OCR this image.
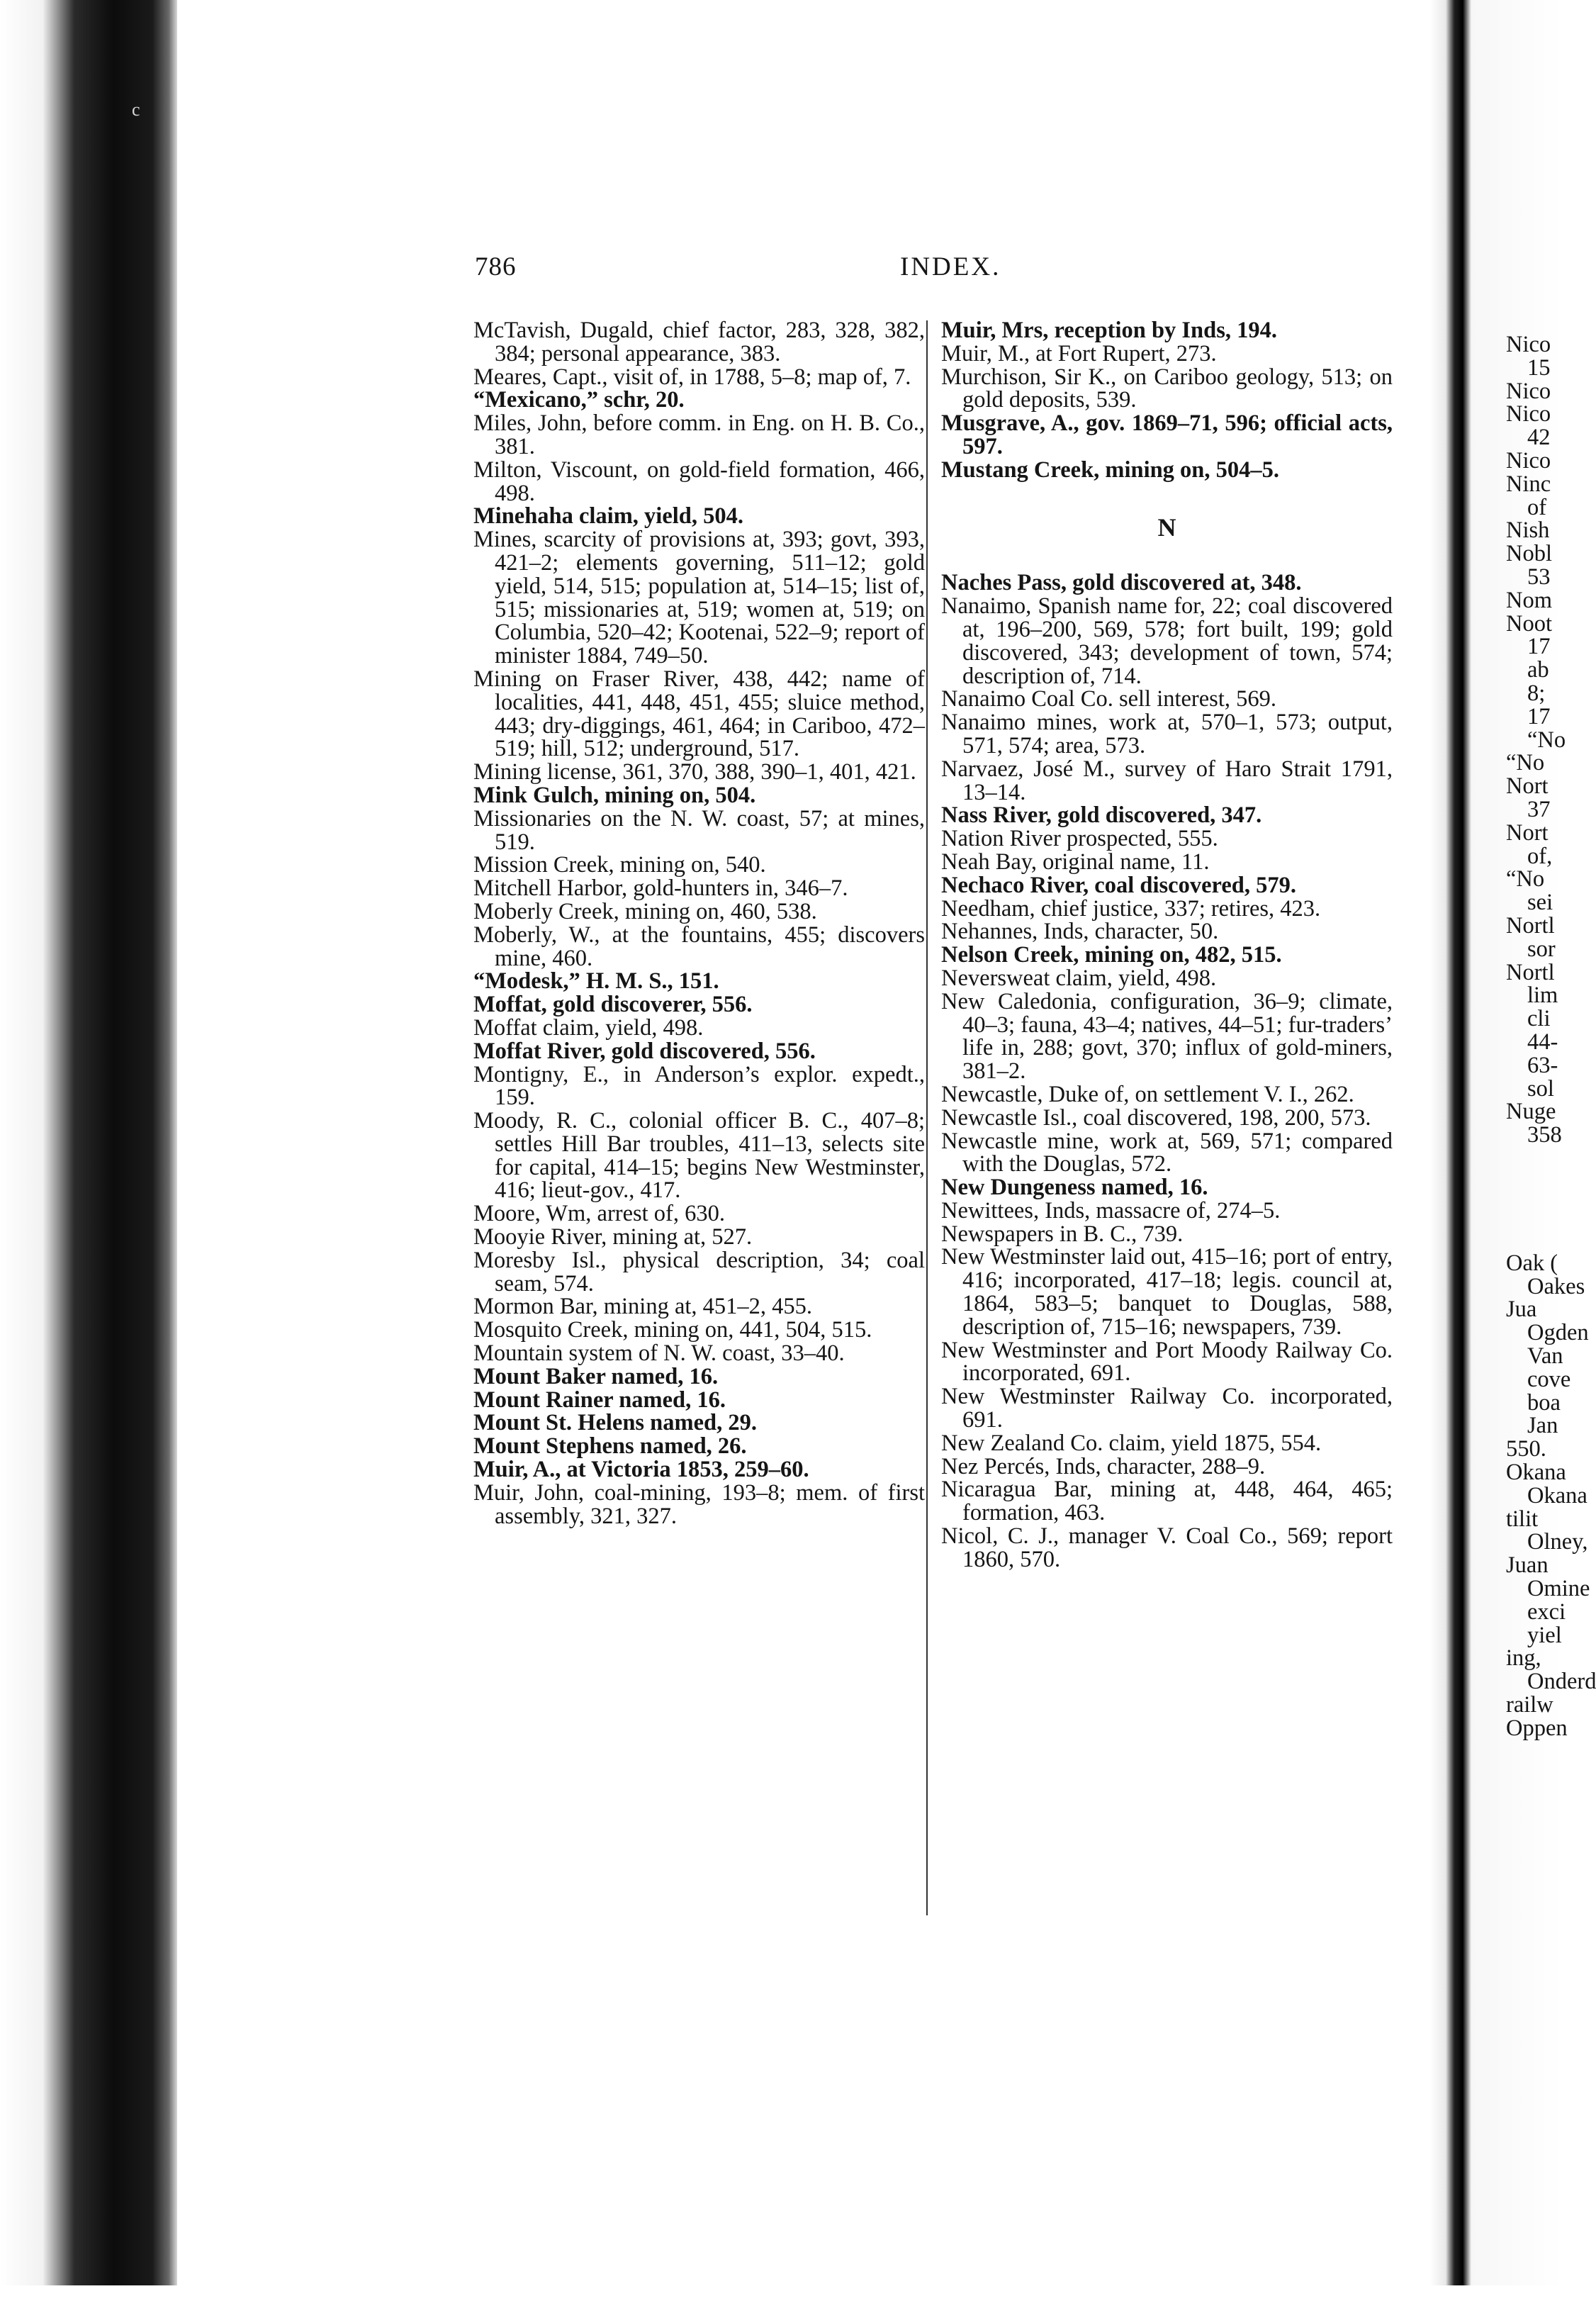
c
786	INDEX.
McTavish, Dugald, chief factor, 283, 328, 382, 384; personal appearance, 383.
Meares, Capt., visit of, in 1788, 5–8; map of, 7.
“Mexicano,” schr, 20.
Miles, John, before comm. in Eng. on H. B. Co., 381.
Milton, Viscount, on gold-field formation, 466, 498.
Minehaha claim, yield, 504.
Mines, scarcity of provisions at, 393; govt, 393, 421–2; elements governing, 511–12; gold yield, 514, 515; population at, 514–15; list of, 515; missionaries at, 519; women at, 519; on Columbia, 520–42; Kootenai, 522–9; report of minister 1884, 749–50.
Mining on Fraser River, 438, 442; name of localities, 441, 448, 451, 455; sluice method, 443; dry-diggings, 461, 464; in Cariboo, 472–519; hill, 512; underground, 517.
Mining license, 361, 370, 388, 390–1, 401, 421.
Mink Gulch, mining on, 504.
Missionaries on the N. W. coast, 57; at mines, 519.
Mission Creek, mining on, 540.
Mitchell Harbor, gold-hunters in, 346–7.
Moberly Creek, mining on, 460, 538.
Moberly, W., at the fountains, 455; discovers mine, 460.
“Modesk,” H. M. S., 151.
Moffat, gold discoverer, 556.
Moffat claim, yield, 498.
Moffat River, gold discovered, 556.
Montigny, E., in Anderson’s explor. expedt., 159.
Moody, R. C., colonial officer B. C., 407–8; settles Hill Bar troubles, 411–13, selects site for capital, 414–15; begins New Westminster, 416; lieut-gov., 417.
Moore, Wm, arrest of, 630.
Mooyie River, mining at, 527.
Moresby Isl., physical description, 34; coal seam, 574.
Mormon Bar, mining at, 451–2, 455.
Mosquito Creek, mining on, 441, 504, 515.
Mountain system of N. W. coast, 33–40.
Mount Baker named, 16.
Mount Rainer named, 16.
Mount St. Helens named, 29.
Mount Stephens named, 26.
Muir, A., at Victoria 1853, 259–60.
Muir, John, coal-mining, 193–8; mem. of first assembly, 321, 327.
Muir, Mrs, reception by Inds, 194.
Muir, M., at Fort Rupert, 273.
Murchison, Sir K., on Cariboo geology, 513; on gold deposits, 539.
Musgrave, A., gov. 1869–71, 596; official acts, 597.
Mustang Creek, mining on, 504–5.
N
Naches Pass, gold discovered at, 348.
Nanaimo, Spanish name for, 22; coal discovered at, 196–200, 569, 578; fort built, 199; gold discovered, 343; development of town, 574; description of, 714.
Nanaimo Coal Co. sell interest, 569.
Nanaimo mines, work at, 570–1, 573; output, 571, 574; area, 573.
Narvaez, José M., survey of Haro Strait 1791, 13–14.
Nass River, gold discovered, 347.
Nation River prospected, 555.
Neah Bay, original name, 11.
Nechaco River, coal discovered, 579.
Needham, chief justice, 337; retires, 423.
Nehannes, Inds, character, 50.
Nelson Creek, mining on, 482, 515.
Neversweat claim, yield, 498.
New Caledonia, configuration, 36–9; climate, 40–3; fauna, 43–4; natives, 44–51; fur-traders’ life in, 288; govt, 370; influx of gold-miners, 381–2.
Newcastle, Duke of, on settlement V. I., 262.
Newcastle Isl., coal discovered, 198, 200, 573.
Newcastle mine, work at, 569, 571; compared with the Douglas, 572.
New Dungeness named, 16.
Newittees, Inds, massacre of, 274–5.
Newspapers in B. C., 739.
New Westminster laid out, 415–16; port of entry, 416; incorporated, 417–18; legis. council at, 1864, 583–5; banquet to Douglas, 588, description of, 715–16; newspapers, 739.
New Westminster and Port Moody Railway Co. incorporated, 691.
New Westminster Railway Co. incorporated, 691.
New Zealand Co. claim, yield 1875, 554.
Nez Percés, Inds, character, 288–9.
Nicaragua Bar, mining at, 448, 464, 465; formation, 463.
Nicol, C. J., manager V. Coal Co., 569; report 1860, 570.
Nico
15
Nico
Nico
42
Nico
Ninc
of
Nish
Nobl
53
Nom
Noot
17
ab
8;
17
“No
“No
Nort
37
Nort
of,
“No
sei
Nortl
sor
Nortl
lim
cli
44-
63-
sol
Nuge
358
Oak (
Oakes
Jua
Ogden
Van
cove
boa
Jan
550.
Okana
Okana
tilit
Olney,
Juan
Omine
exci
yiel
ing,
Onderd
railw
Oppen
